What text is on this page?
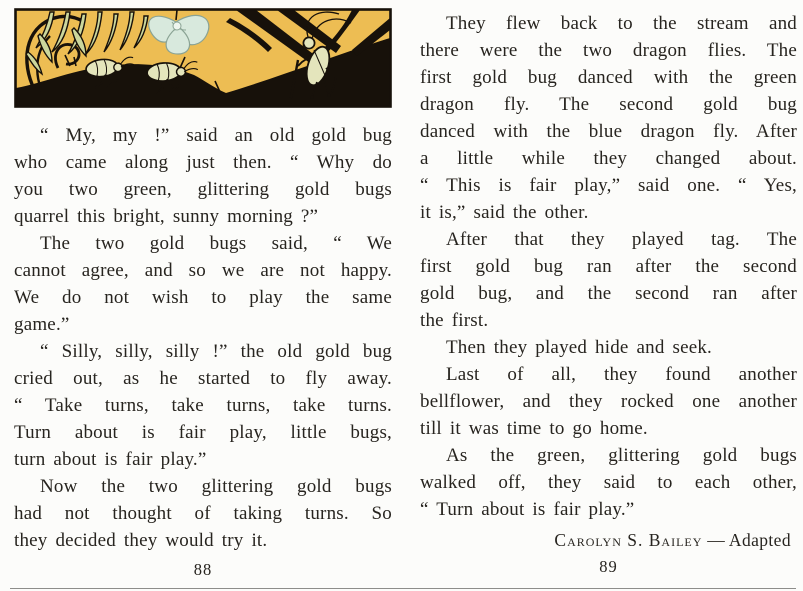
“ My, my !” said an old gold bug
who came along just then. “ Why do
you two green, glittering gold bugs
quarrel this bright, sunny morning ?”

The two gold bugs said, “ We
cannot agree, and so we are not happy.
We do not wish to play the same
game.”

“ Silly, silly, silly !” the old gold bug
cried out, as he started to fly away.
“ Take turns, take turns, take turns.
Turn about is fair play, little bugs,
turn about is fair play.”

Now the two glittering gold bugs
had not thought of taking turns. So
they decided they would try it.

88

They flew back to the stream and
there were the two dragon flies. The
first gold bug danced with the green
dragon fly. The second gold bug
danced with the blue dragon fly. After
a little while they changed about.
“ This is fair play,” said one. “ Yes,
it is,” said the other.

After that they played tag. The
first gold bug ran after the second
gold bug, and the second ran after
the first.

Then they played hide and seek.

Last of all, they found another
bellflower, and they rocked one another
till it was time to go home.

As the green, glittering gold bugs
walked off, they said to each other,
“ Turn about is fair play.”

Carolyn S. Bailey — Adapted
89
